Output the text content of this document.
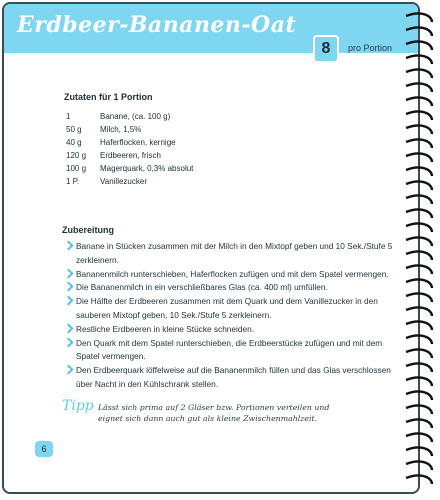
Erdbeer-Bananen-Oat
8	pro Portion
Zutaten für 1 Portion
1	Banane, (ca. 100 g)
50 g	Milch, 1,5%
40 g	Haferflocken, kernige
120 g	Erdbeeren, frisch
100 g	Magerquark, 0,3% absolut
1 P.	Vanillezucker
Zubereitung
Banane in Stücken zusammen mit der Milch in den Mixtopf geben und 10 Sek./Stufe 5 zerkleinern.
Bananenmilch runterschieben, Haferflocken zufügen und mit dem Spatel vermengen.
Die Bananenmilch in ein verschließbares Glas (ca. 400 ml) umfüllen.
Die Hälfte der Erdbeeren zusammen mit dem Quark und dem Vanillezucker in den sauberen Mixtopf geben, 10 Sek./Stufe 5 zerkleinern.
Restliche Erdbeeren in kleine Stücke schneiden.
Den Quark mit dem Spatel runterschieben, die Erdbeerstücke zufügen und mit dem Spatel vermengen.
Den Erdbeerquark löffelweise auf die Bananenmilch füllen und das Glas verschlossen über Nacht in den Kühlschrank stellen.
Tipp Lässt sich prima auf 2 Gläser bzw. Portionen verteilen und eignet sich dann auch gut als kleine Zwischenmahlzeit.
6
